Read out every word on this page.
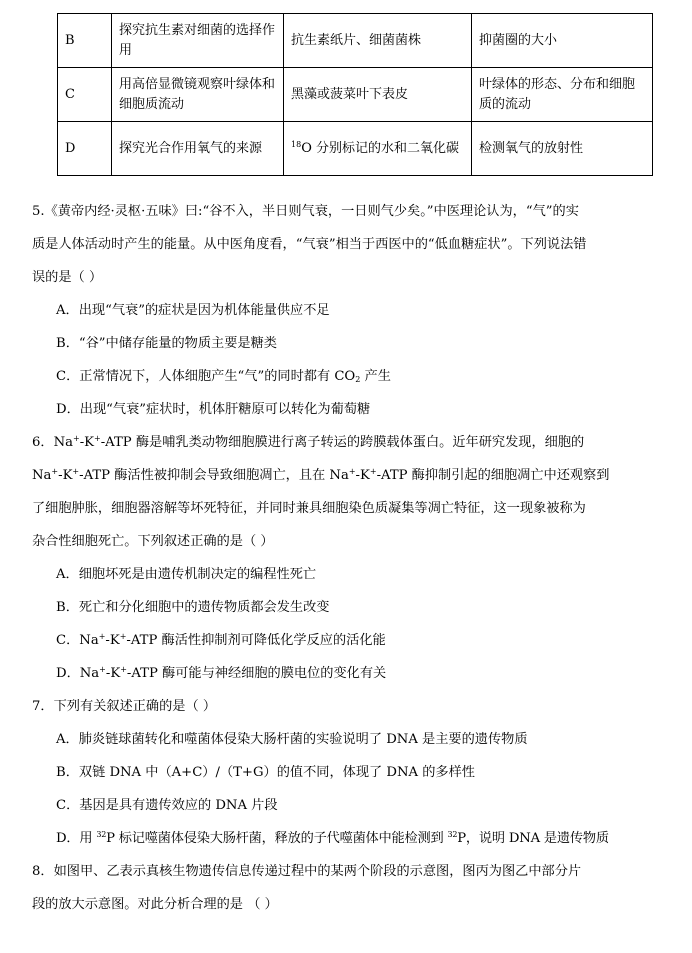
B	探究抗生素对细菌的选择作用	抗生素纸片、细菌菌株	抑菌圈的大小
C	用高倍显微镜观察叶绿体和细胞质流动	黑藻或菠菜叶下表皮	叶绿体的形态、分布和细胞质的流动
D	探究光合作用氧气的来源	$^{18}$O 分别标记的水和二氧化碳	检测氧气的放射性
5.《黄帝内经·灵枢·五味》曰:“谷不入，半日则气衰，一日则气少矣。”中医理论认为，“气”的实
质是人体活动时产生的能量。从中医角度看，“气衰”相当于西医中的“低血糖症状”。下列说法错
误的是（ ）
A．出现“气衰”的症状是因为机体能量供应不足
B．“谷”中储存能量的物质主要是糖类
C．正常情况下，人体细胞产生“气”的同时都有 $CO_2$ 产生
D．出现“气衰”症状时，机体肝糖原可以转化为葡萄糖
6．Na+-K+-ATP 酶是哺乳类动物细胞膜进行离子转运的跨膜载体蛋白。近年研究发现，细胞的
Na+-K+-ATP 酶活性被抑制会导致细胞凋亡，且在 Na+-K+-ATP 酶抑制引起的细胞凋亡中还观察到
了细胞肿胀，细胞器溶解等坏死特征，并同时兼具细胞染色质凝集等凋亡特征，这一现象被称为
杂合性细胞死亡。下列叙述正确的是（ ）
A．细胞坏死是由遗传机制决定的编程性死亡
B．死亡和分化细胞中的遗传物质都会发生改变
C．Na+-K+-ATP 酶活性抑制剂可降低化学反应的活化能
D．Na+-K+-ATP 酶可能与神经细胞的膜电位的变化有关
7．下列有关叙述正确的是（ ）
A．肺炎链球菌转化和噬菌体侵染大肠杆菌的实验说明了 DNA 是主要的遗传物质
B．双链 DNA 中（A+C）/（T+G）的值不同，体现了 DNA 的多样性
C．基因是具有遗传效应的 DNA 片段
D．用 $^{32}$P 标记噬菌体侵染大肠杆菌，释放的子代噬菌体中能检测到 $^{32}$P，说明 DNA 是遗传物质
8．如图甲、乙表示真核生物遗传信息传递过程中的某两个阶段的示意图，图丙为图乙中部分片
段的放大示意图。对此分析合理的是 （ ）
